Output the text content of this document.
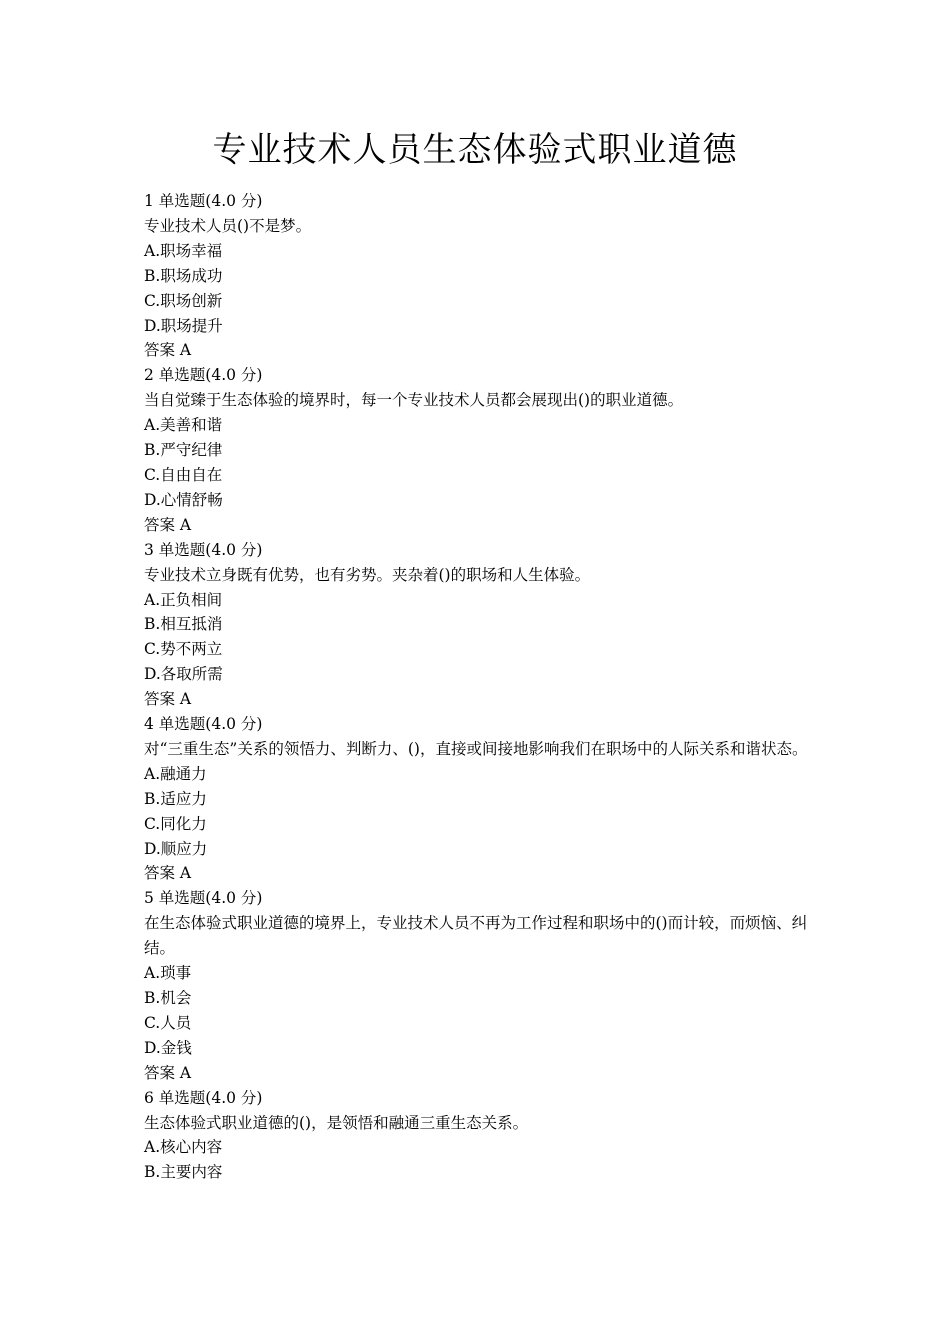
专业技术人员生态体验式职业道德

1 单选题(4.0 分)

专业技术人员()不是梦。

A.职场幸福

B.职场成功

C.职场创新

D.职场提升

答案 A

2 单选题(4.0 分)

当自觉臻于生态体验的境界时，每一个专业技术人员都会展现出()的职业道德。

A.美善和谐

B.严守纪律

C.自由自在

D.心情舒畅

答案 A

3 单选题(4.0 分)

专业技术立身既有优势，也有劣势。夹杂着()的职场和人生体验。

A.正负相间

B.相互抵消

C.势不两立

D.各取所需

答案 A

4 单选题(4.0 分)

对“三重生态”关系的领悟力、判断力、()，直接或间接地影响我们在职场中的人际关系和谐状态。

A.融通力

B.适应力

C.同化力

D.顺应力

答案 A

5 单选题(4.0 分)

在生态体验式职业道德的境界上，专业技术人员不再为工作过程和职场中的()而计较，而烦恼、纠结。

A.琐事

B.机会

C.人员

D.金钱

答案 A

6 单选题(4.0 分)

生态体验式职业道德的()，是领悟和融通三重生态关系。

A.核心内容

B.主要内容
